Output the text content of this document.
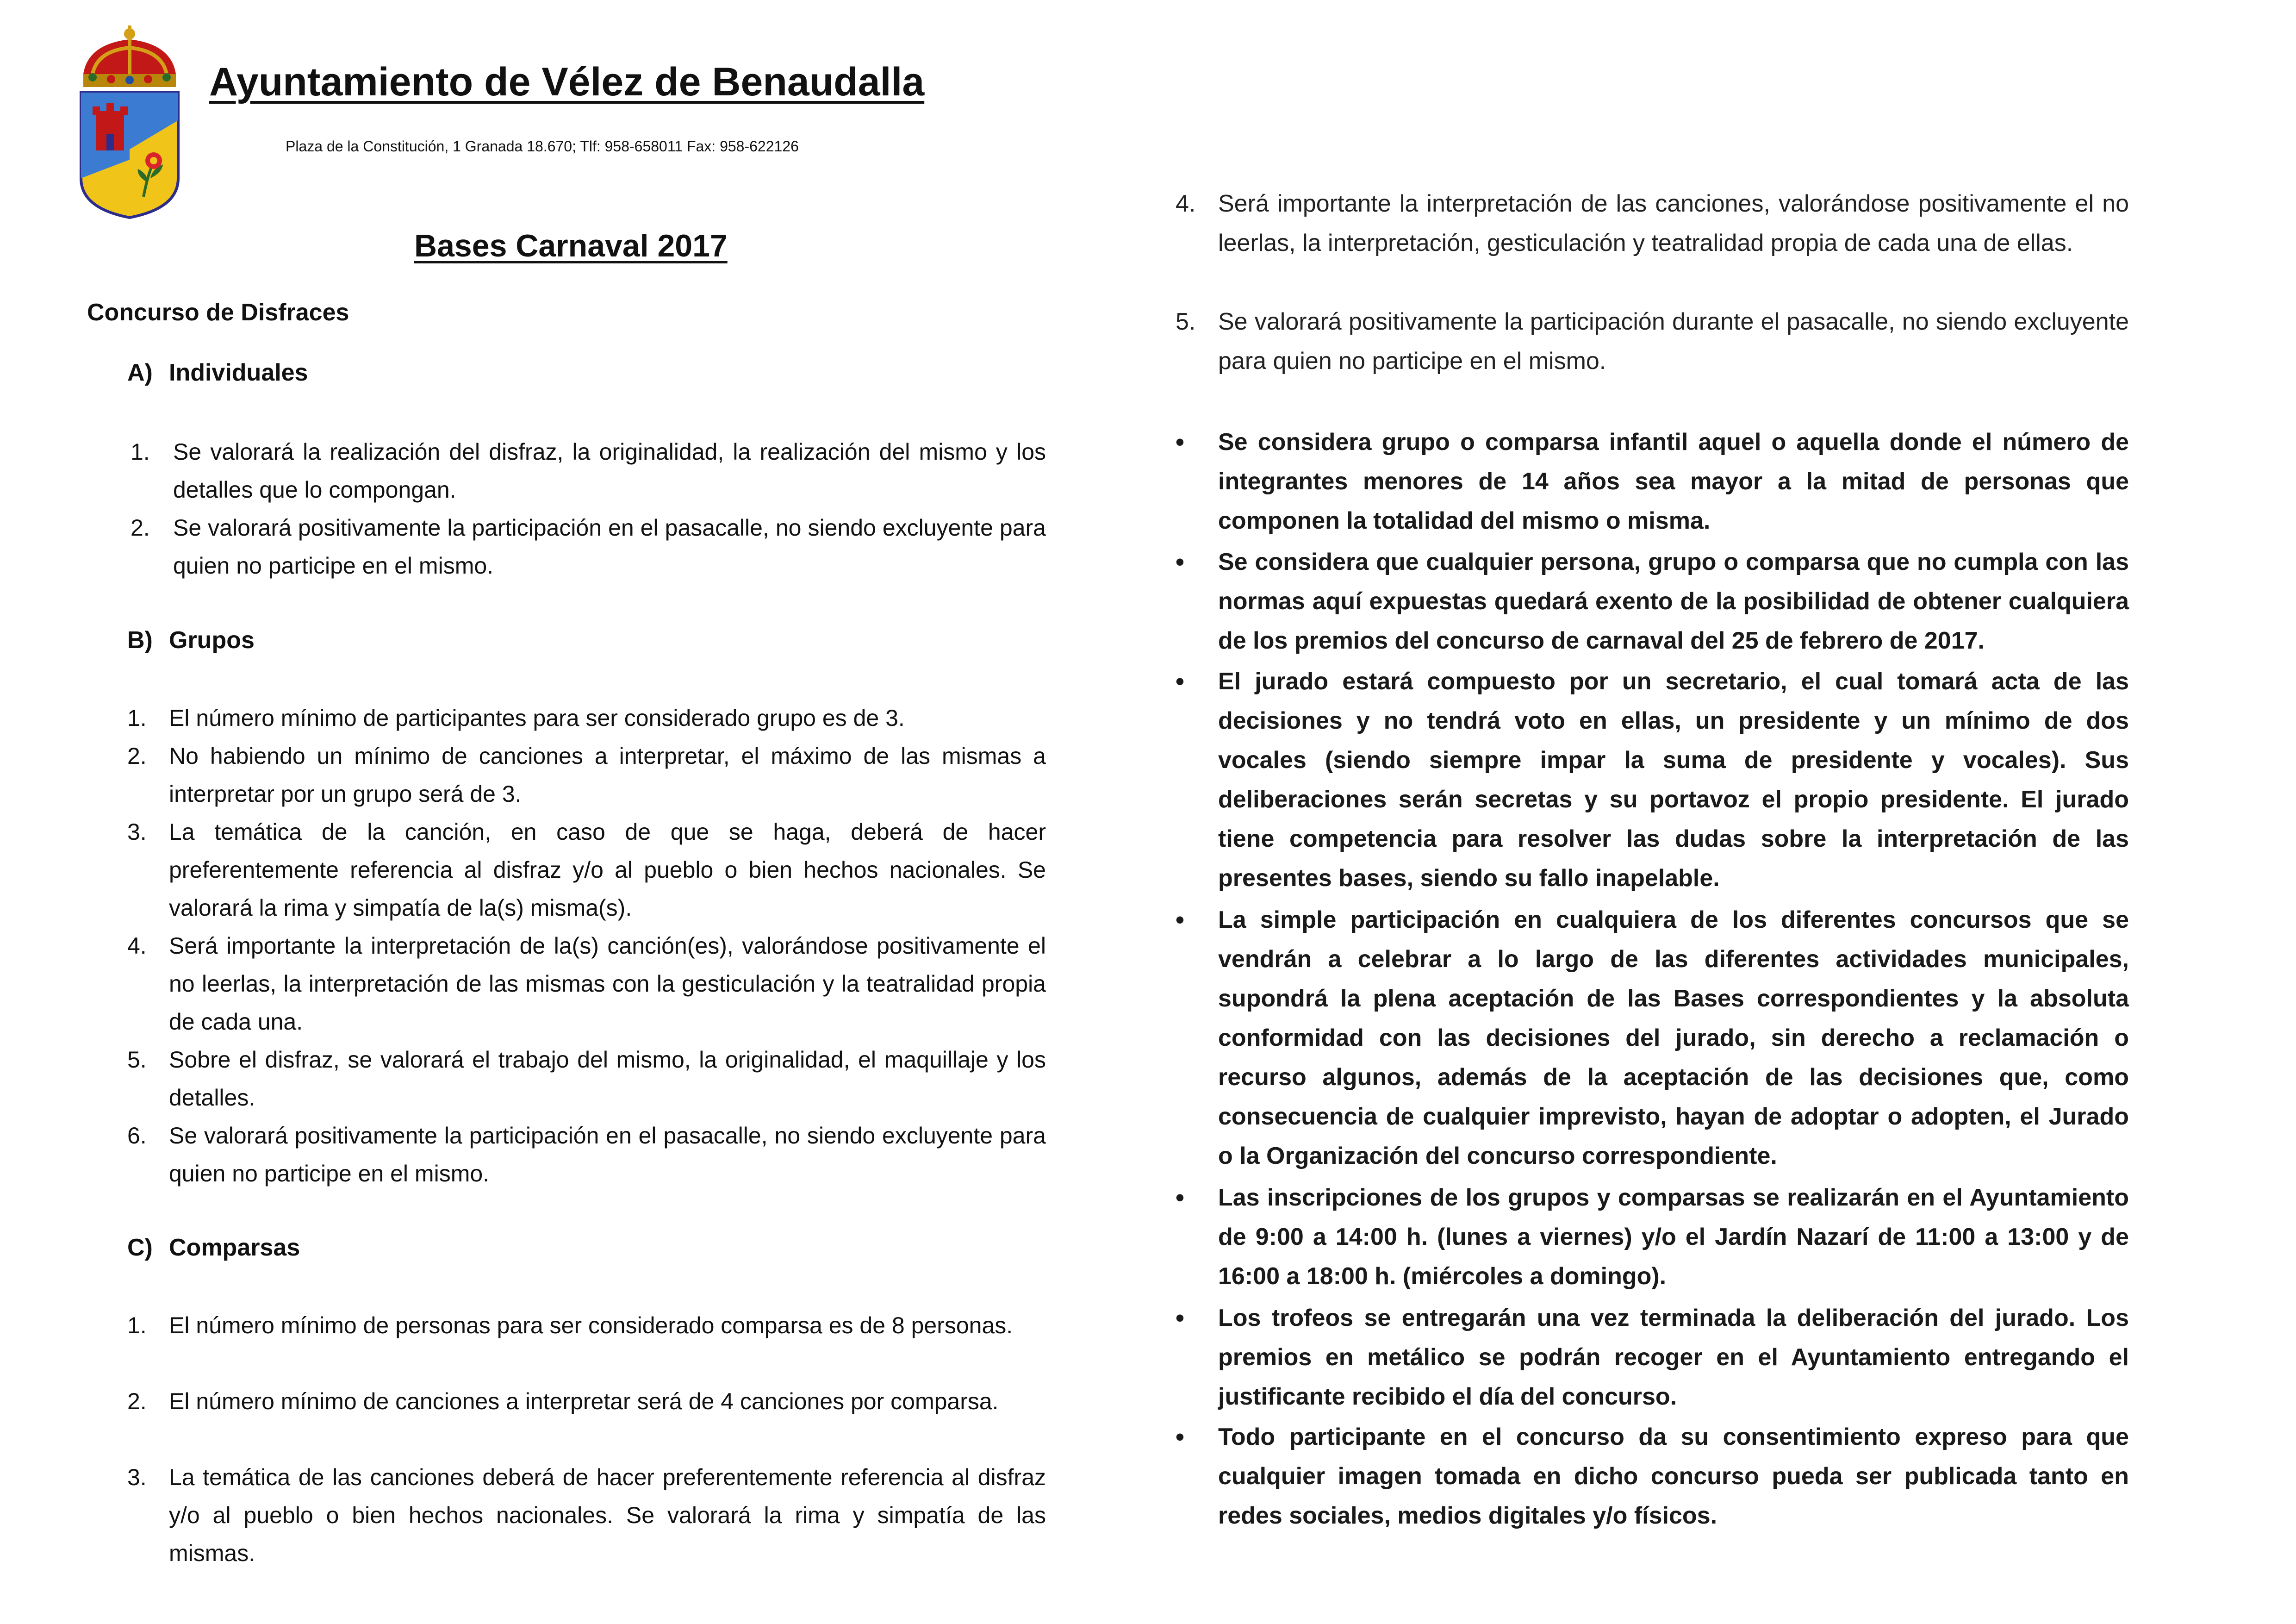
Ayuntamiento de Vélez de Benaudalla
Plaza de la Constitución, 1 Granada 18.670; Tlf: 958-658011 Fax: 958-622126
Bases Carnaval 2017
Concurso de Disfraces
A) Individuales
1.	Se valorará la realización del disfraz, la originalidad, la realización del mismo y los detalles que lo compongan.
2.	Se valorará positivamente la participación en el pasacalle, no siendo excluyente para quien no participe en el mismo.
B) Grupos
1. El número mínimo de participantes para ser considerado grupo es de 3.
2. No habiendo un mínimo de canciones a interpretar, el máximo de las mismas a interpretar por un grupo será de 3.
3. La temática de la canción, en caso de que se haga, deberá de hacer preferentemente referencia al disfraz y/o al pueblo o bien hechos nacionales. Se valorará la rima y simpatía de la(s) misma(s).
4. Será importante la interpretación de la(s) canción(es), valorándose positivamente el no leerlas, la interpretación de las mismas con la gesticulación y la teatralidad propia de cada una.
5. Sobre el disfraz, se valorará el trabajo del mismo, la originalidad, el maquillaje y los detalles.
6. Se valorará positivamente la participación en el pasacalle, no siendo excluyente para quien no participe en el mismo.
C) Comparsas
1. El número mínimo de personas para ser considerado comparsa es de 8 personas.
2. El número mínimo de canciones a interpretar será de 4 canciones por comparsa.
3. La temática de las canciones deberá de hacer preferentemente referencia al disfraz y/o al pueblo o bien hechos nacionales. Se valorará la rima y simpatía de las mismas.
4. Será importante la interpretación de las canciones, valorándose positivamente el no leerlas, la interpretación, gesticulación y teatralidad propia de cada una de ellas.
5. Se valorará positivamente la participación durante el pasacalle, no siendo excluyente para quien no participe en el mismo.
•	Se considera grupo o comparsa infantil aquel o aquella donde el número de integrantes menores de 14 años sea mayor a la mitad de personas que componen la totalidad del mismo o misma.
•	Se considera que cualquier persona, grupo o comparsa que no cumpla con las normas aquí expuestas quedará exento de la posibilidad de obtener cualquiera de los premios del concurso de carnaval del 25 de febrero de 2017.
•	El jurado estará compuesto por un secretario, el cual tomará acta de las decisiones y no tendrá voto en ellas, un presidente y un mínimo de dos vocales (siendo siempre impar la suma de presidente y vocales). Sus deliberaciones serán secretas y su portavoz el propio presidente. El jurado tiene competencia para resolver las dudas sobre la interpretación de las presentes bases, siendo su fallo inapelable.
•	La simple participación en cualquiera de los diferentes concursos que se vendrán a celebrar a lo largo de las diferentes actividades municipales, supondrá la plena aceptación de las Bases correspondientes y la absoluta conformidad con las decisiones del jurado, sin derecho a reclamación o recurso algunos, además de la aceptación de las decisiones que, como consecuencia de cualquier imprevisto, hayan de adoptar o adopten, el Jurado o la Organización del concurso correspondiente.
•	Las inscripciones de los grupos y comparsas se realizarán en el Ayuntamiento de 9:00 a 14:00 h. (lunes a viernes) y/o el Jardín Nazarí de 11:00 a 13:00 y de 16:00 a 18:00 h. (miércoles a domingo).
•	Los trofeos se entregarán una vez terminada la deliberación del jurado. Los premios en metálico se podrán recoger en el Ayuntamiento entregando el justificante recibido el día del concurso.
•	Todo participante en el concurso da su consentimiento expreso para que cualquier imagen tomada en dicho concurso pueda ser publicada tanto en redes sociales, medios digitales y/o físicos.
